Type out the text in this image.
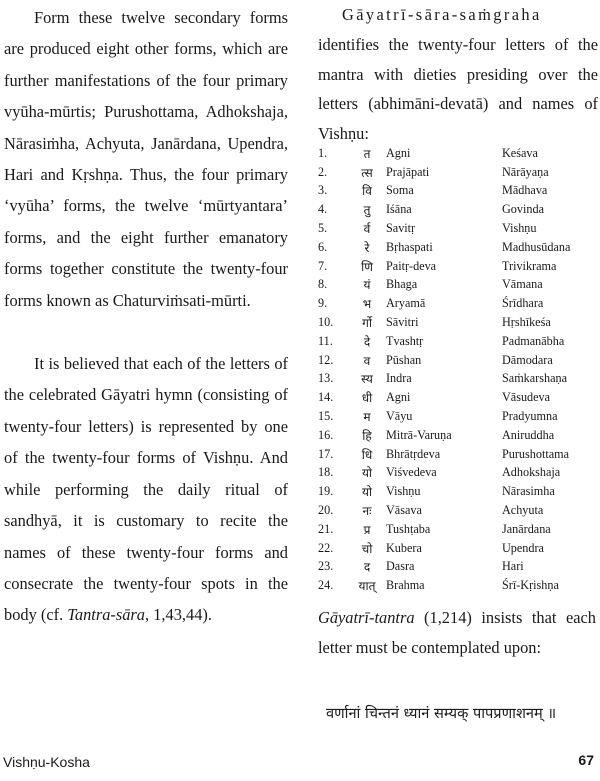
Form these twelve secondary forms are produced eight other forms, which are further manifestations of the four primary vyūha-mūrtis; Purushottama, Adhokshaja, Nārasiṁha, Achyuta, Janārdana, Upendra, Hari and Kṛshṇa. Thus, the four primary ‘vyūha’ forms, the twelve ‘mūrtyantara’ forms, and the eight further emanatory forms together constitute the twenty-four forms known as Chaturviṁsati-mūrti.

It is believed that each of the letters of the celebrated Gāyatri hymn (consisting of twenty-four letters) is represented by one of the twenty-four forms of Vishṇu. And while performing the daily ritual of sandhyā, it is customary to recite the names of these twenty-four forms and consecrate the twenty-four spots in the body (cf. Tantra-sāra, 1,43,44).

Gāyatrī-sāra-saṁgraha
identifies the twenty-four letters of the mantra with dieties presiding over the letters (abhimāni-devatā) and names of Vishṇu:

1.	त	Agni	Keśava
2.	त्स	Prajāpati	Nārāyaṇa
3.	वि	Soma	Mādhava
4.	तु	Iśāna	Govinda
5.	र्व	Savitṛ	Vishṇu
6.	रे	Bṛhaspati	Madhusūdana
7.	णि	Paitṛ-deva	Trivikrama
8.	यं	Bhaga	Vāmana
9.	भ	Aryamā	Śrīdhara
10.	र्गो	Sāvitri	Hṛshīkeśa
11.	दे	Tvashtṛ	Padmanābha
12.	व	Pūshan	Dāmodara
13.	स्य	Indra	Saṁkarshaṇa
14.	धी	Agni	Vāsudeva
15.	म	Vāyu	Pradyumna
16.	हि	Mitrā-Varuṇa	Aniruddha
17.	धि	Bhrātṛdeva	Purushottama
18.	यो	Viśvedeva	Adhokshaja
19.	यो	Vishṇu	Nārasimha
20.	नः	Vāsava	Achyuta
21.	प्र	Tushṭaba	Janārdana
22.	चो	Kubera	Upendra
23.	द	Dasra	Hari
24.	यात्	Brahma	Śrī-Kṛishṇa

Gāyatrī-tantra (1,214) insists that each letter must be contemplated upon:

वर्णानां चिन्तनं ध्यानं सम्यक् पापप्रणाशनम् ॥
Vishṇu-Kosha	67
